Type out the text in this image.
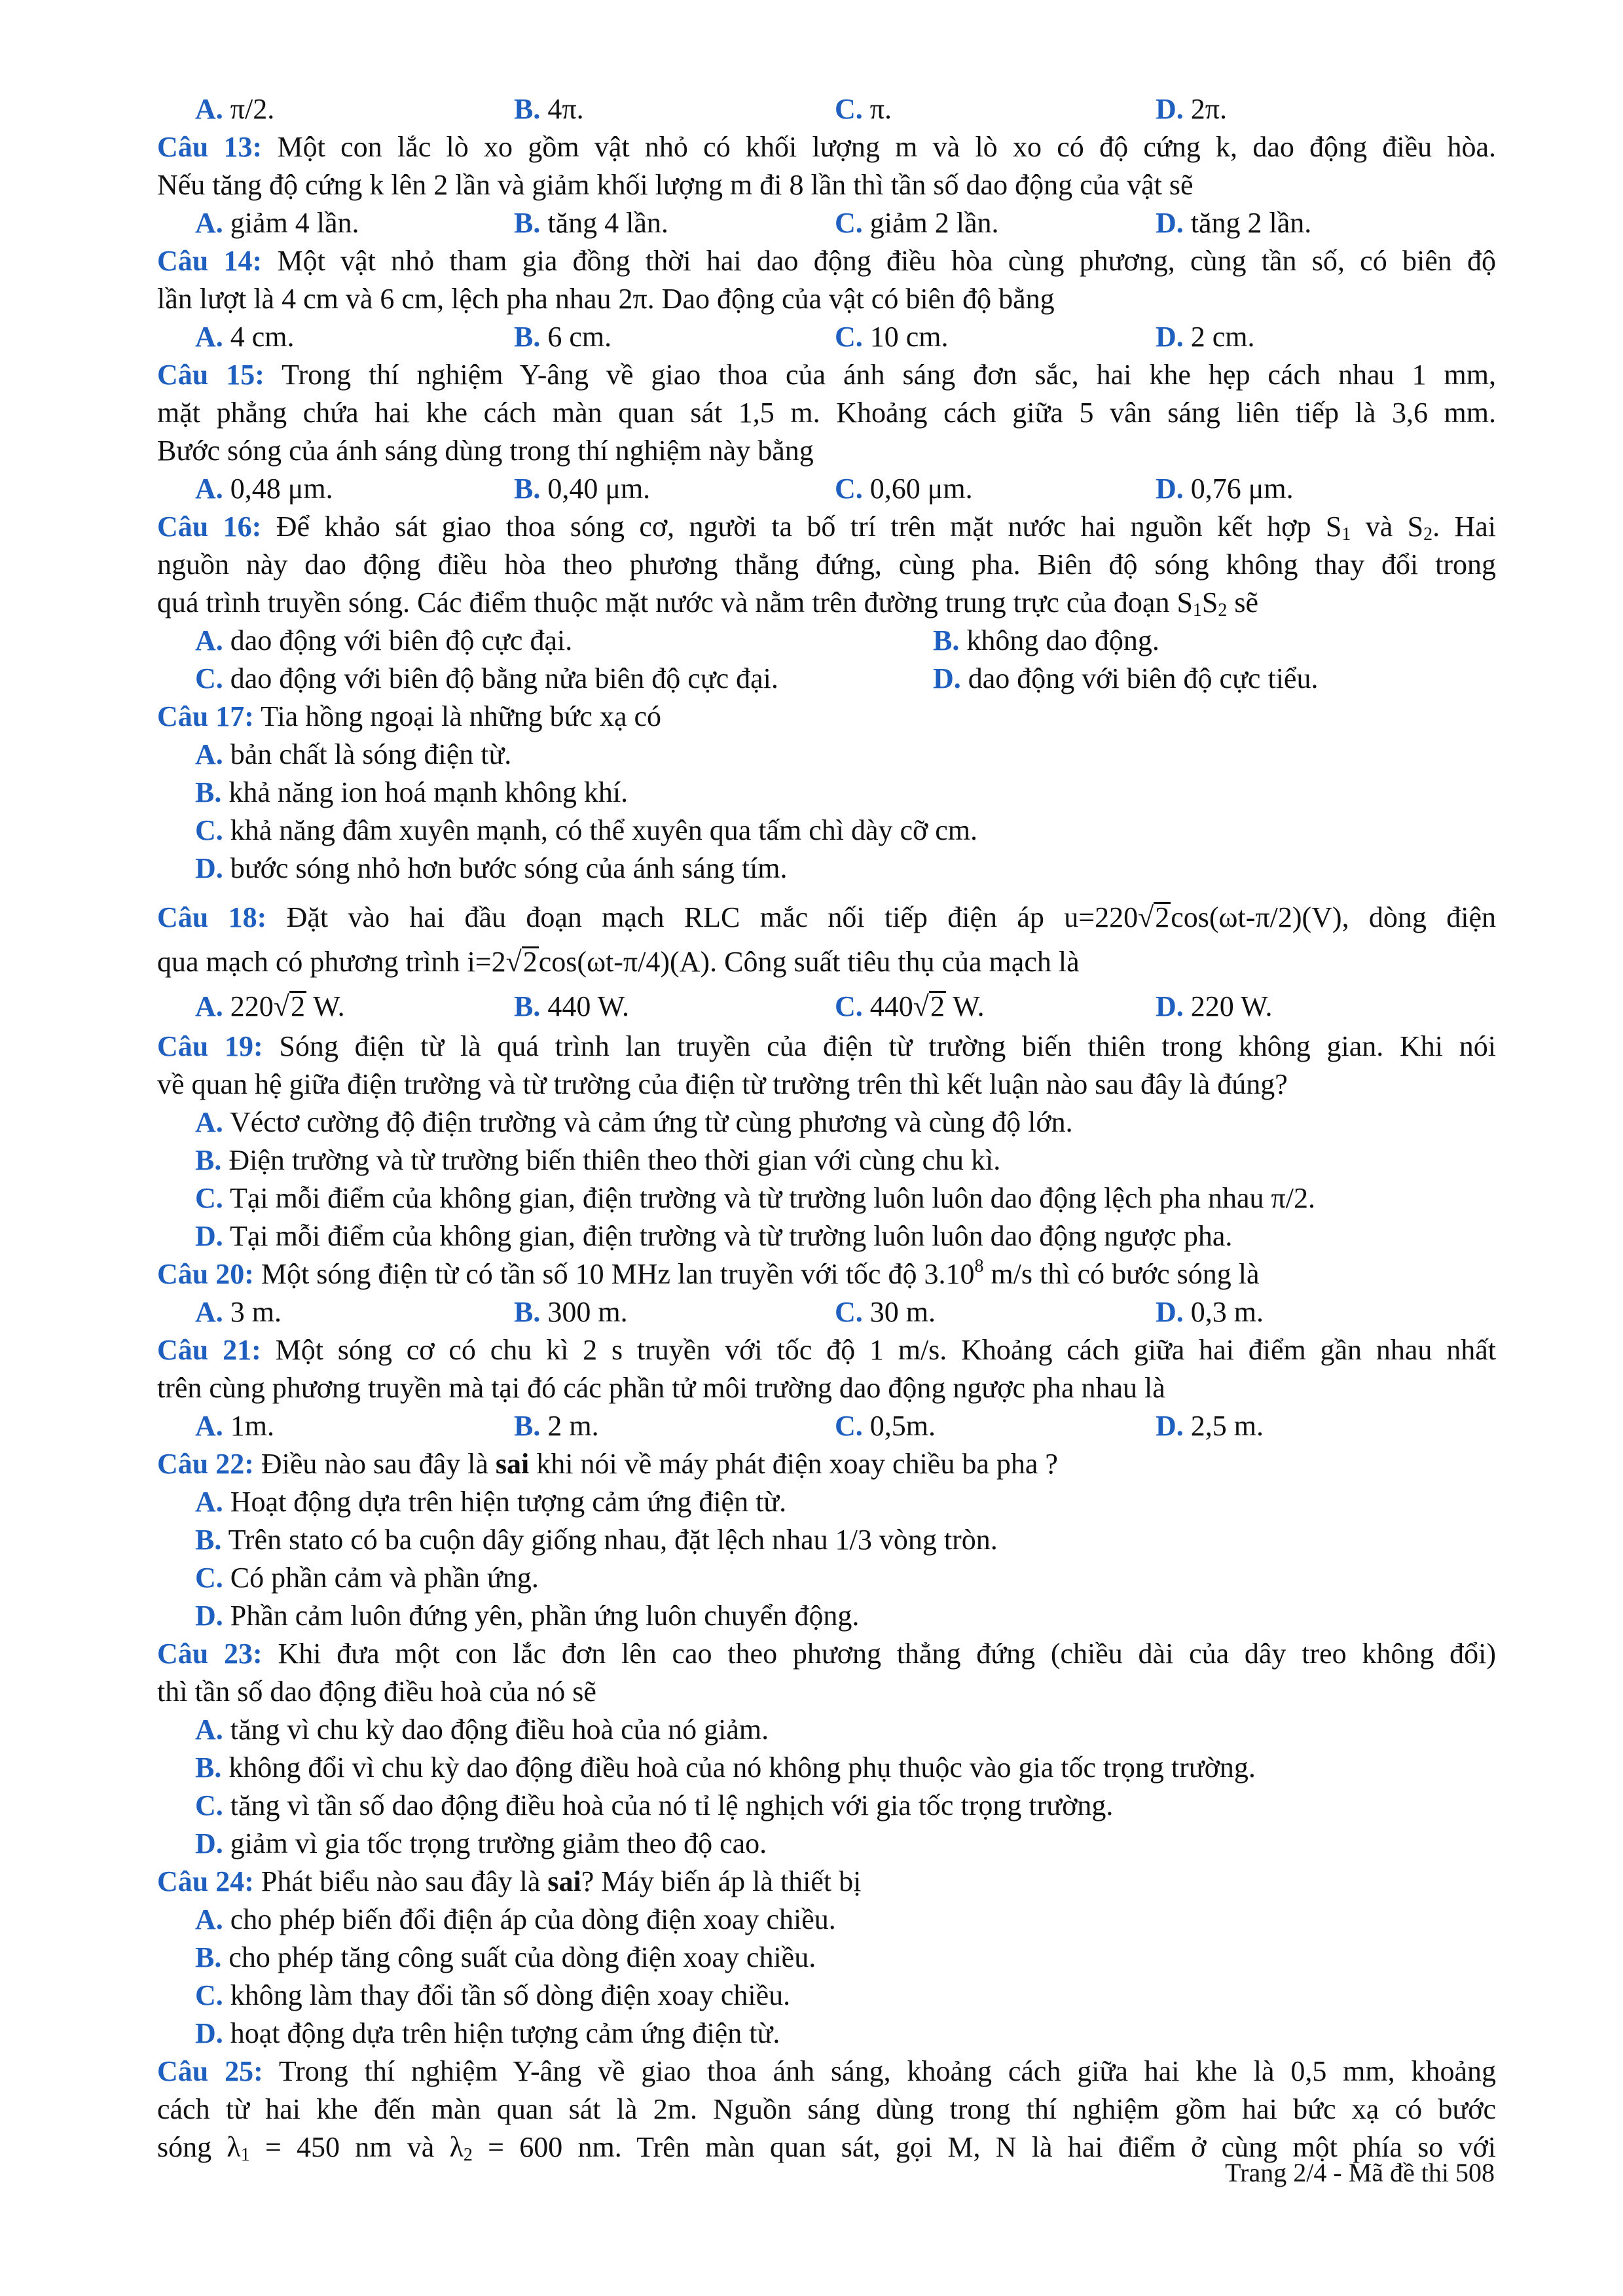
A. π/2.	B. 4π.	C. π.	D. 2π.
Câu 13: Một con lắc lò xo gồm vật nhỏ có khối lượng m và lò xo có độ cứng k, dao động điều hòa.
Nếu tăng độ cứng k lên 2 lần và giảm khối lượng m đi 8 lần thì tần số dao động của vật sẽ
A. giảm 4 lần.	B. tăng 4 lần.	C. giảm 2 lần.	D. tăng 2 lần.
Câu 14: Một vật nhỏ tham gia đồng thời hai dao động điều hòa cùng phương, cùng tần số, có biên độ
lần lượt là 4 cm và 6 cm, lệch pha nhau 2π. Dao động của vật có biên độ bằng
A. 4 cm.	B. 6 cm.	C. 10 cm.	D. 2 cm.
Câu 15: Trong thí nghiệm Y-âng về giao thoa của ánh sáng đơn sắc, hai khe hẹp cách nhau 1 mm,
mặt phẳng chứa hai khe cách màn quan sát 1,5 m. Khoảng cách giữa 5 vân sáng liên tiếp là 3,6 mm.
Bước sóng của ánh sáng dùng trong thí nghiệm này bằng
A. 0,48 μm.	B. 0,40 μm.	C. 0,60 μm.	D. 0,76 μm.
Câu 16: Để khảo sát giao thoa sóng cơ, người ta bố trí trên mặt nước hai nguồn kết hợp $S_1$ và $S_2$. Hai
nguồn này dao động điều hòa theo phương thẳng đứng, cùng pha. Biên độ sóng không thay đổi trong
quá trình truyền sóng. Các điểm thuộc mặt nước và nằm trên đường trung trực của đoạn $S_1S_2$ sẽ
A. dao động với biên độ cực đại.	B. không dao động.
C. dao động với biên độ bằng nửa biên độ cực đại.	D. dao động với biên độ cực tiểu.
Câu 17: Tia hồng ngoại là những bức xạ có
A. bản chất là sóng điện từ.
B. khả năng ion hoá mạnh không khí.
C. khả năng đâm xuyên mạnh, có thể xuyên qua tấm chì dày cỡ cm.
D. bước sóng nhỏ hơn bước sóng của ánh sáng tím.
Câu 18: Đặt vào hai đầu đoạn mạch RLC mắc nối tiếp điện áp u=220√2cos(ωt-π/2)(V), dòng điện
qua mạch có phương trình i=2√2cos(ωt-π/4)(A). Công suất tiêu thụ của mạch là
A. 220√2 W.	B. 440 W.	C. 440√2 W.	D. 220 W.
Câu 19: Sóng điện từ là quá trình lan truyền của điện từ trường biến thiên trong không gian. Khi nói
về quan hệ giữa điện trường và từ trường của điện từ trường trên thì kết luận nào sau đây là đúng?
A. Véctơ cường độ điện trường và cảm ứng từ cùng phương và cùng độ lớn.
B. Điện trường và từ trường biến thiên theo thời gian với cùng chu kì.
C. Tại mỗi điểm của không gian, điện trường và từ trường luôn luôn dao động lệch pha nhau π/2.
D. Tại mỗi điểm của không gian, điện trường và từ trường luôn luôn dao động ngược pha.
Câu 20: Một sóng điện từ có tần số 10 MHz lan truyền với tốc độ 3.10$^8$ m/s thì có bước sóng là
A. 3 m.	B. 300 m.	C. 30 m.	D. 0,3 m.
Câu 21: Một sóng cơ có chu kì 2 s truyền với tốc độ 1 m/s. Khoảng cách giữa hai điểm gần nhau nhất
trên cùng phương truyền mà tại đó các phần tử môi trường dao động ngược pha nhau là
A. 1m.	B. 2 m.	C. 0,5m.	D. 2,5 m.
Câu 22: Điều nào sau đây là sai khi nói về máy phát điện xoay chiều ba pha ?
A. Hoạt động dựa trên hiện tượng cảm ứng điện từ.
B. Trên stato có ba cuộn dây giống nhau, đặt lệch nhau 1/3 vòng tròn.
C. Có phần cảm và phần ứng.
D. Phần cảm luôn đứng yên, phần ứng luôn chuyển động.
Câu 23: Khi đưa một con lắc đơn lên cao theo phương thẳng đứng (chiều dài của dây treo không đổi)
thì tần số dao động điều hoà của nó sẽ
A. tăng vì chu kỳ dao động điều hoà của nó giảm.
B. không đổi vì chu kỳ dao động điều hoà của nó không phụ thuộc vào gia tốc trọng trường.
C. tăng vì tần số dao động điều hoà của nó tỉ lệ nghịch với gia tốc trọng trường.
D. giảm vì gia tốc trọng trường giảm theo độ cao.
Câu 24: Phát biểu nào sau đây là sai? Máy biến áp là thiết bị
A. cho phép biến đổi điện áp của dòng điện xoay chiều.
B. cho phép tăng công suất của dòng điện xoay chiều.
C. không làm thay đổi tần số dòng điện xoay chiều.
D. hoạt động dựa trên hiện tượng cảm ứng điện từ.
Câu 25: Trong thí nghiệm Y-âng về giao thoa ánh sáng, khoảng cách giữa hai khe là 0,5 mm, khoảng
cách từ hai khe đến màn quan sát là 2m. Nguồn sáng dùng trong thí nghiệm gồm hai bức xạ có bước
sóng $\lambda_1 = 450$ nm và $\lambda_2 = 600$ nm. Trên màn quan sát, gọi M, N là hai điểm ở cùng một phía so với
Trang 2/4 - Mã đề thi 508
